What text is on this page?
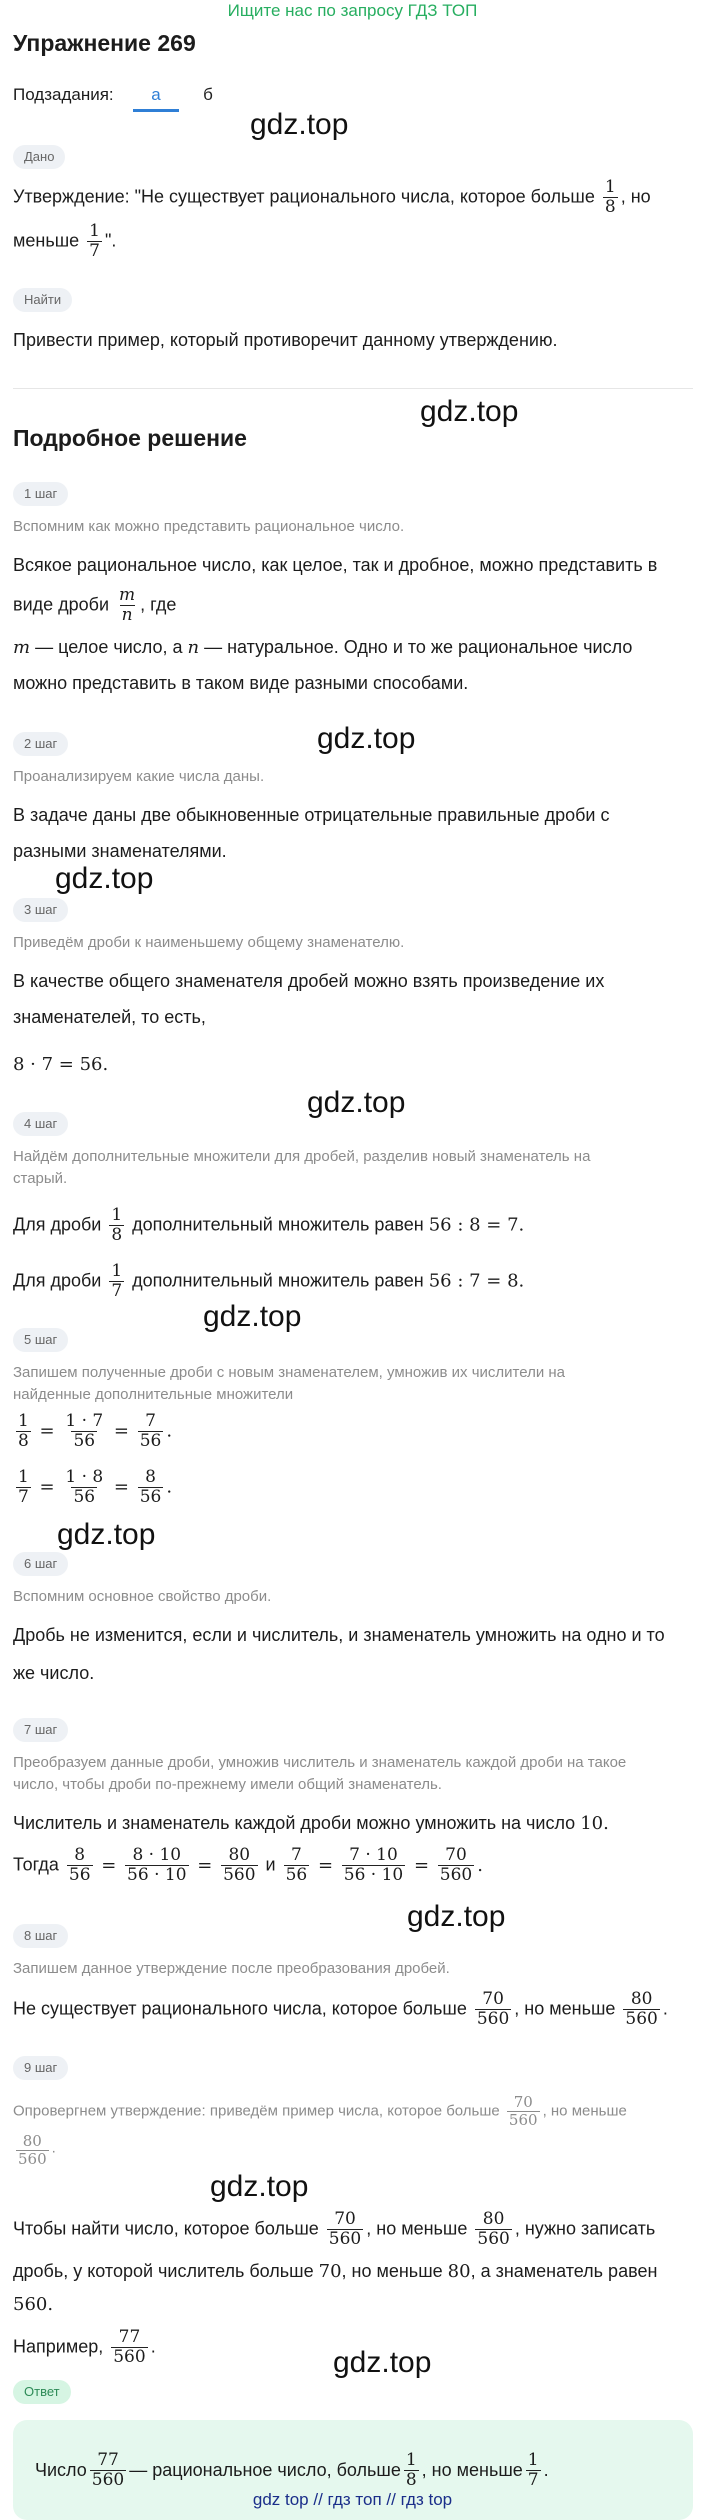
Ищите нас по запросу ГДЗ ТОП
Упражнение 269
Подзадания:	а	б
gdz.top
Дано
Утверждение: "Не существует рационального числа, которое больше $\frac{1}{8}$ , но
меньше $\frac{1}{7}$ ".
Найти
Привести пример, который противоречит данному утверждению.
gdz.top
Подробное решение
1 шаг
Вспомним как можно представить рациональное число.
Всякое рациональное число, как целое, так и дробное, можно представить в
виде дроби $\frac{m}{n}$ , где
m — целое число, а n — натуральное. Одно и то же рациональное число
можно представить в таком виде разными способами.
gdz.top
2 шаг
Проанализируем какие числа даны.
В задаче даны две обыкновенные отрицательные правильные дроби с
разными знаменателями.
gdz.top
3 шаг
Приведём дроби к наименьшему общему знаменателю.
В качестве общего знаменателя дробей можно взять произведение их
знаменателей, то есть,
8 · 7 = 56.
gdz.top
4 шаг
Найдём дополнительные множители для дробей, разделив новый знаменатель на
старый.
Для дроби $\frac{1}{8}$ дополнительный множитель равен 56 : 8 = 7.
Для дроби $\frac{1}{7}$ дополнительный множитель равен 56 : 7 = 8.
gdz.top
5 шаг
Запишем полученные дроби с новым знаменателем, умножив их числители на
найденные дополнительные множители
$\frac{1}{8} = \frac{1 \cdot 7}{56} = \frac{7}{56}$ .
$\frac{1}{7} = \frac{1 \cdot 8}{56} = \frac{8}{56}$ .
gdz.top
6 шаг
Вспомним основное свойство дроби.
Дробь не изменится, если и числитель, и знаменатель умножить на одно и то
же число.
7 шаг
Преобразуем данные дроби, умножив числитель и знаменатель каждой дроби на такое
число, чтобы дроби по-прежнему имели общий знаменатель.
Числитель и знаменатель каждой дроби можно умножить на число 10.
Тогда $\frac{8}{56} = \frac{8 \cdot 10}{56 \cdot 10} = \frac{80}{560}$ и $\frac{7}{56} = \frac{7 \cdot 10}{56 \cdot 10} = \frac{70}{560}$ .
gdz.top
8 шаг
Запишем данное утверждение после преобразования дробей.
Не существует рационального числа, которое больше $\frac{70}{560}$ , но меньше $\frac{80}{560}$ .
9 шаг
Опровергнем утверждение: приведём пример числа, которое больше $\frac{70}{560}$ , но меньше

$\frac{80}{560}$ .
gdz.top
Чтобы найти число, которое больше $\frac{70}{560}$ , но меньше $\frac{80}{560}$ , нужно записать
дробь, у которой числитель больше 70, но меньше 80, а знаменатель равен
560.
Например, $\frac{77}{560}$ .	gdz.top
Ответ
Число $\frac{77}{560}$ — рациональное число, больше $\frac{1}{8}$ , но меньше $\frac{1}{7}$ .
gdz top // гдз топ // гдз top
